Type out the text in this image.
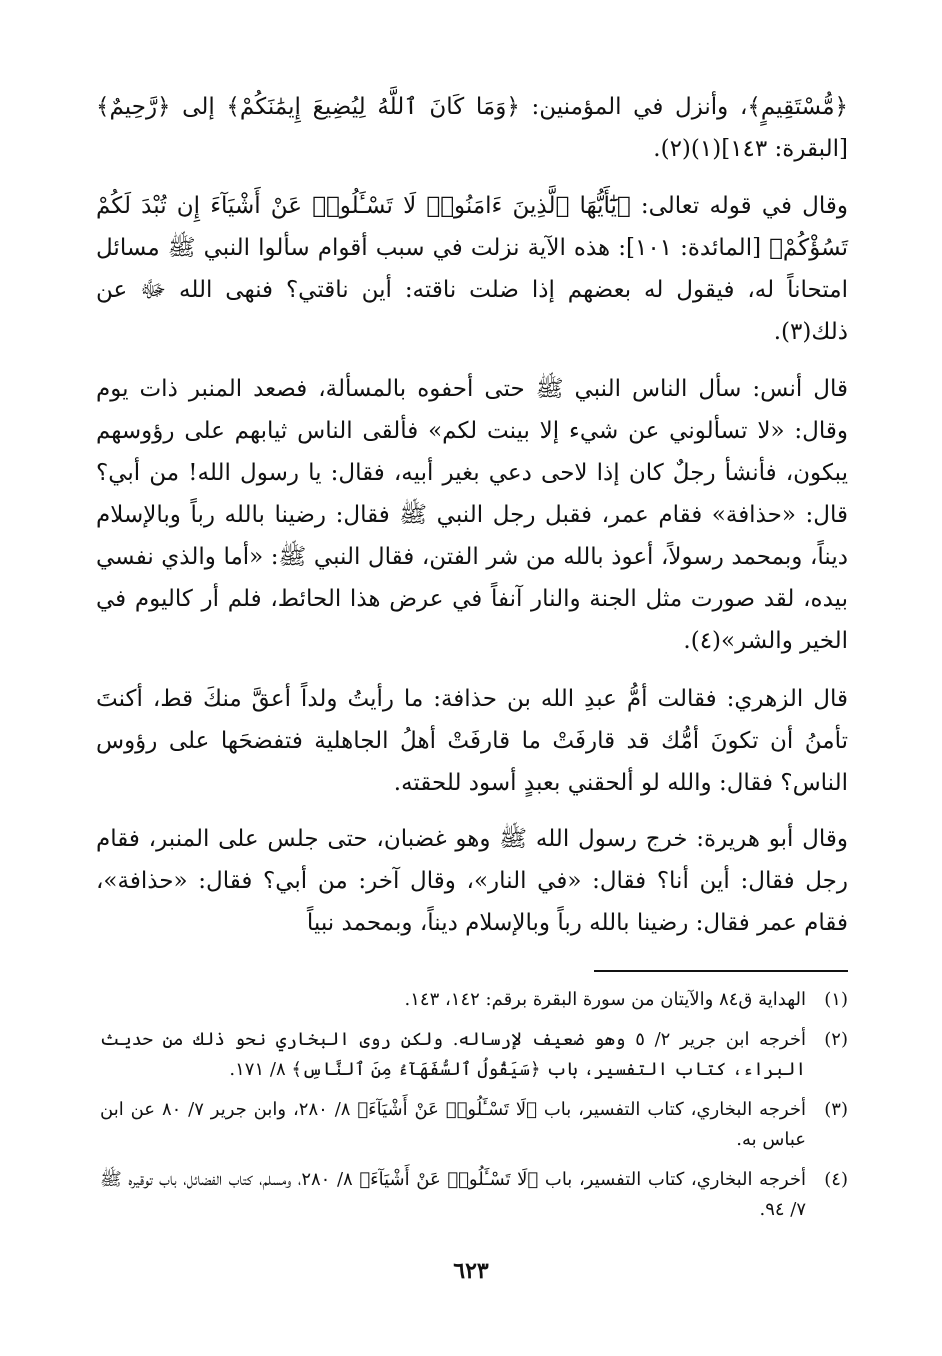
﴿مُّسْتَقِيمٍ﴾، وأنزل في المؤمنين: ﴿وَمَا كَانَ ٱللَّهُ لِيُضِيعَ إِيمَٰنَكُمْ﴾ إلى ﴿رَّحِيمٌ﴾ [البقرة: ١٤٣](١)(٢).

وقال في قوله تعالى: ﴿يَٰٓأَيُّهَا ٱلَّذِينَ ءَامَنُوا۟ لَا تَسْـَٔلُوا۟ عَنْ أَشْيَآءَ إِن تُبْدَ لَكُمْ تَسُؤْكُمْ﴾ [المائدة: ١٠١]: هذه الآية نزلت في سبب أقوام سألوا النبي ﷺ مسائل امتحاناً له، فيقول له بعضهم إذا ضلت ناقته: أين ناقتي؟ فنهى الله ﷻ عن ذلك(٣).

قال أنس: سأل الناس النبي ﷺ حتى أحفوه بالمسألة، فصعد المنبر ذات يوم وقال: «لا تسألوني عن شيء إلا بينت لكم» فألقى الناس ثيابهم على رؤوسهم يبكون، فأنشأ رجلٌ كان إذا لاحى دعي بغير أبيه، فقال: يا رسول الله! من أبي؟ قال: «حذافة» فقام عمر، فقبل رجل النبي ﷺ فقال: رضينا بالله رباً وبالإسلام ديناً، وبمحمد رسولاً، أعوذ بالله من شر الفتن، فقال النبي ﷺ: «أما والذي نفسي بيده، لقد صورت مثل الجنة والنار آنفاً في عرض هذا الحائط، فلم أر كاليوم في الخير والشر»(٤).

قال الزهري: فقالت أمُّ عبدِ الله بن حذافة: ما رأيتُ ولداً أعقَّ منكَ قط، أكنتَ تأمنُ أن تكونَ أمُّك قد قارفَتْ ما قارفَتْ أهلُ الجاهلية فتفضحَها على رؤوس الناس؟ فقال: والله لو ألحقني بعبدٍ أسود للحقته.

وقال أبو هريرة: خرج رسول الله ﷺ وهو غضبان، حتى جلس على المنبر، فقام رجل فقال: أين أنا؟ فقال: «في النار»، وقال آخر: من أبي؟ فقال: «حذافة»، فقام عمر فقال: رضينا بالله رباً وبالإسلام ديناً، وبمحمد نبياً

(١)
الهداية ق٨٤ والآيتان من سورة البقرة برقم: ١٤٢، ١٤٣.
(٢)
أخرجه ابن جرير ٢/ ٥ وهو ضعيف لإرساله. ولكن روى البخاري نحو ذلك من حديث البراء، كتاب التفسير، باب ﴿سَيَقُولُ ٱلسُّفَهَآءُ مِنَ ٱلنَّاسِ﴾ ٨/ ١٧١.
(٣)
أخرجه البخاري، كتاب التفسير، باب ﴿لَا تَسْـَٔلُوا۟ عَنْ أَشْيَآءَ﴾ ٨/ ٢٨٠، وابن جرير ٧/ ٨٠ عن ابن عباس به.
(٤)
أخرجه البخاري، كتاب التفسير، باب ﴿لَا تَسْـَٔلُوا۟ عَنْ أَشْيَآءَ﴾ ٨/ ٢٨٠، ومسلم، كتاب الفضائل، باب توقيره ﷺ ٧/ ٩٤.
٦٢٣
